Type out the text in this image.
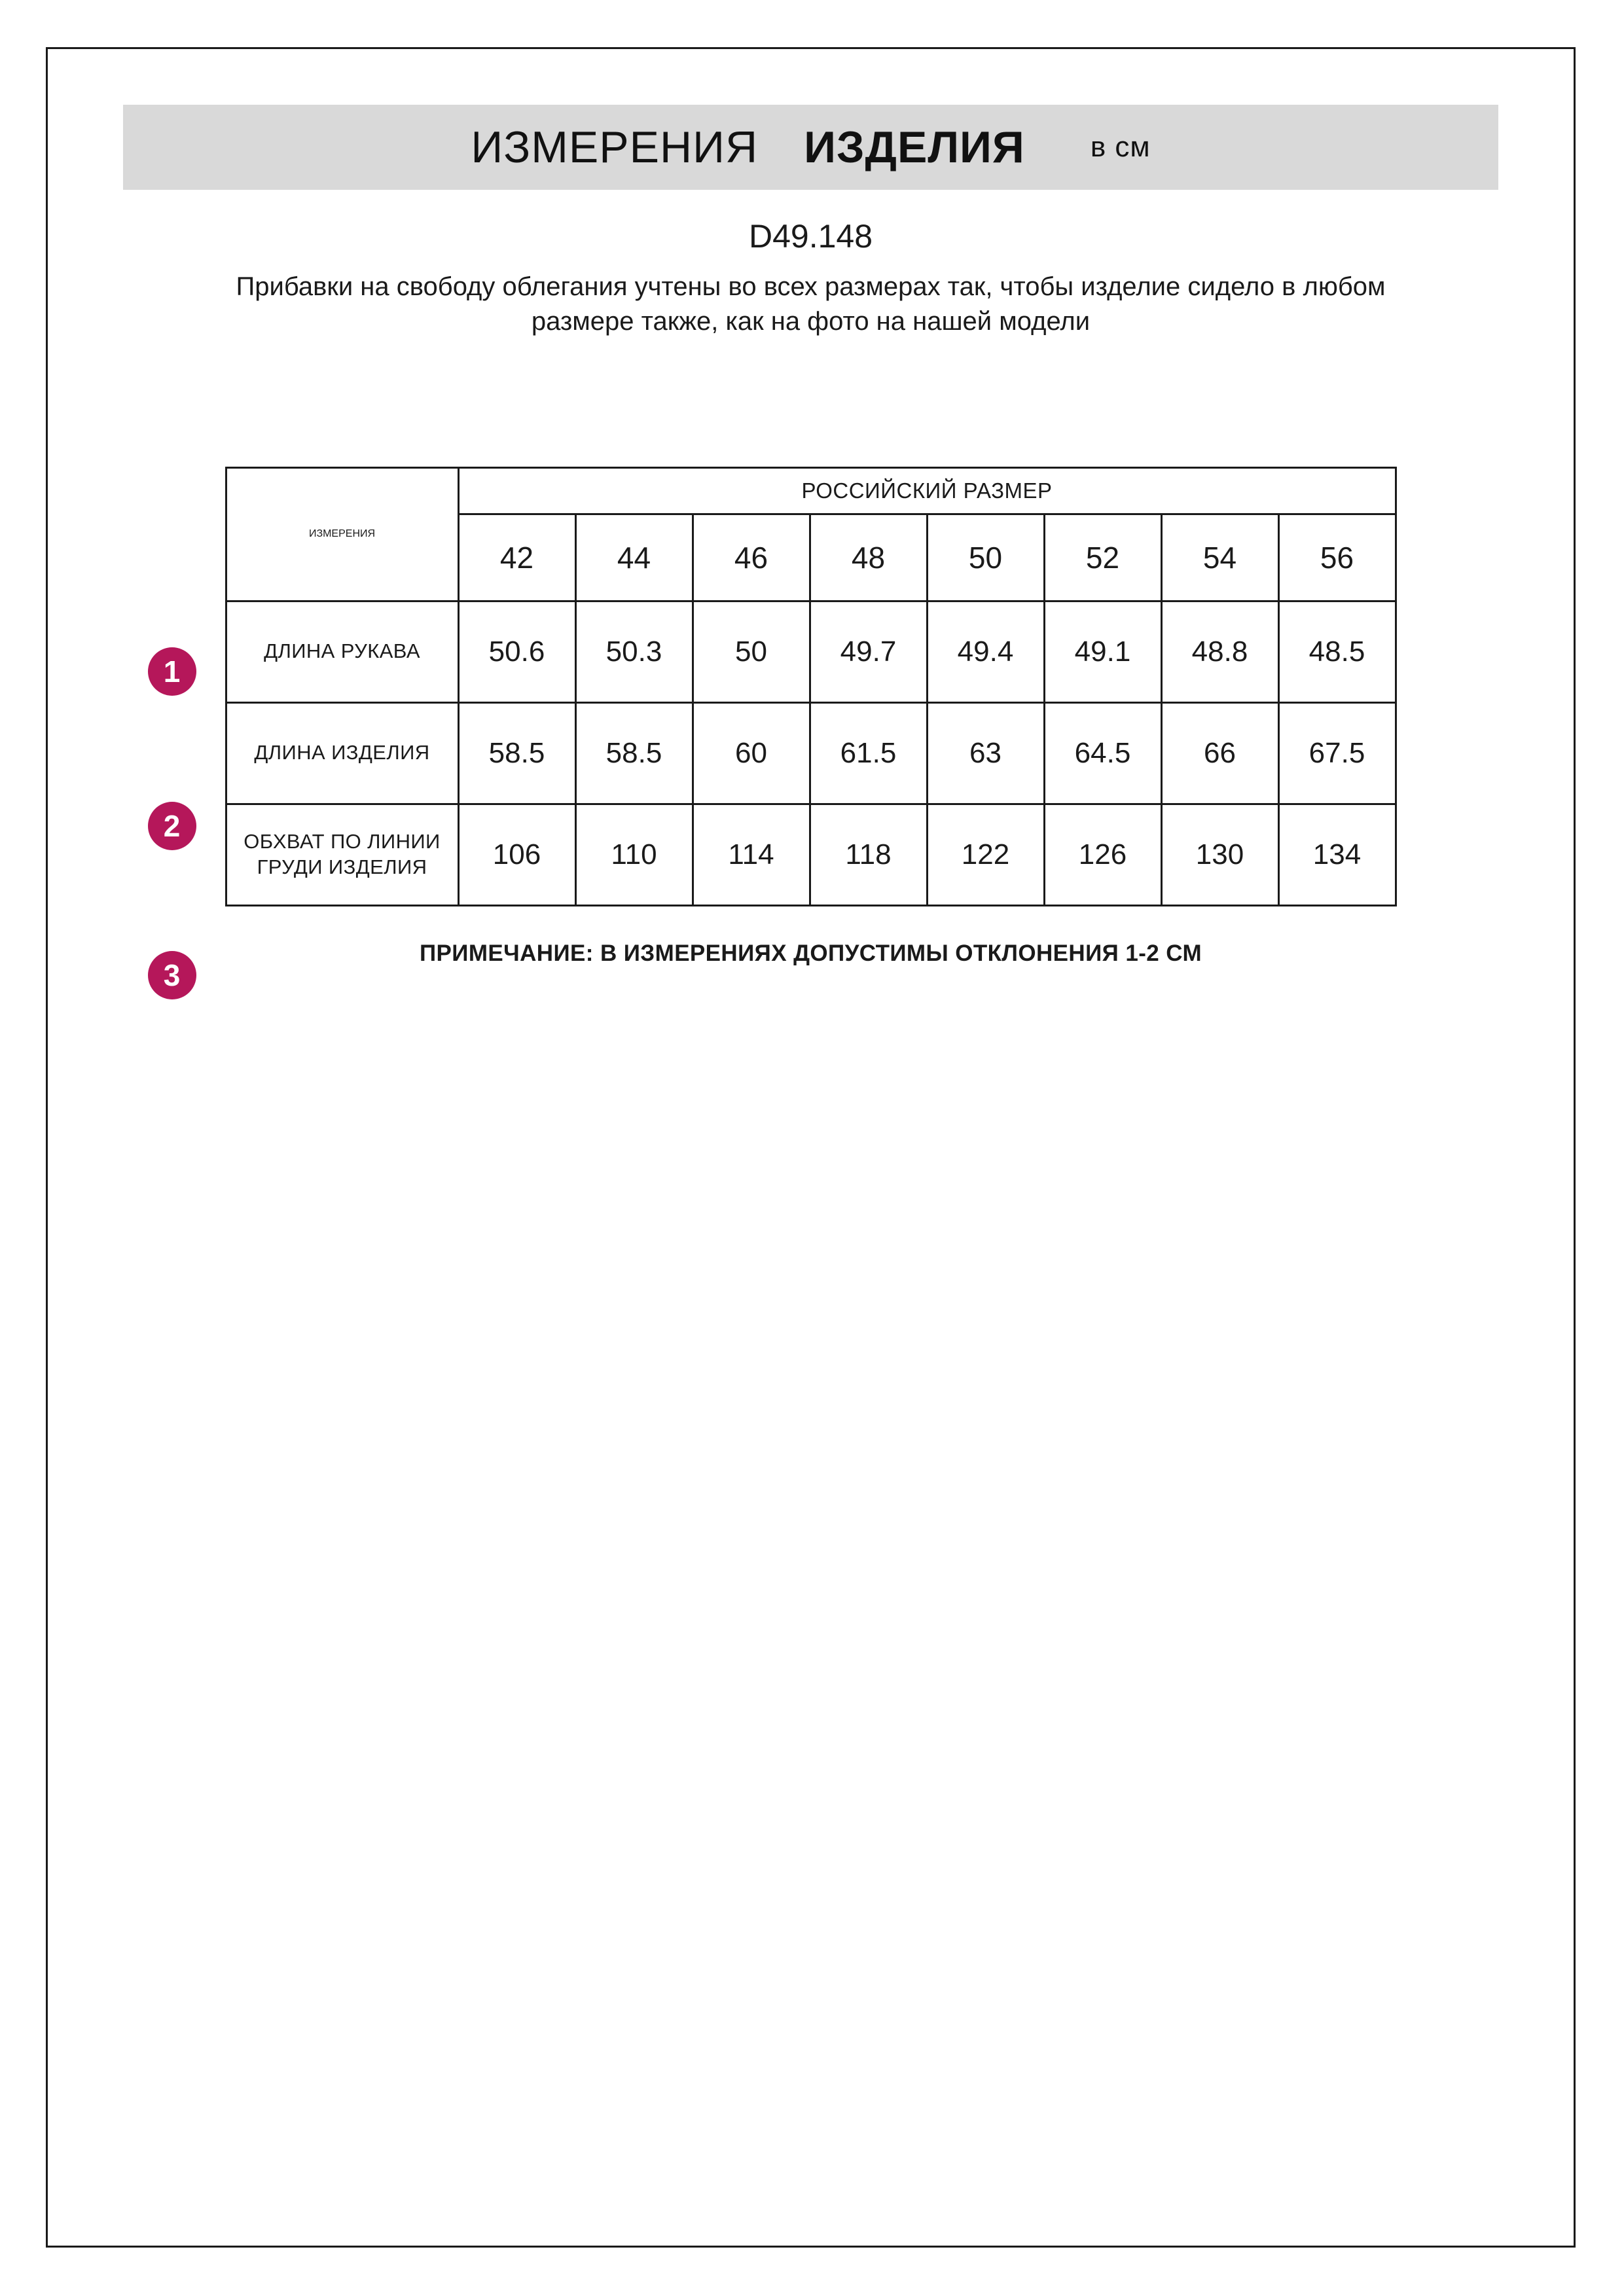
ИЗМЕРЕНИЯ ИЗДЕЛИЯ в см
D49.148
Прибавки на свободу облегания учтены во всех размерах так, чтобы изделие сидело в любом размере также, как на фото на нашей модели
1
2
3
ИЗМЕРЕНИЯ	РОССИЙСКИЙ РАЗМЕР							
	42	44	46	48	50	52	54	56
ДЛИНА РУКАВА	50.6	50.3	50	49.7	49.4	49.1	48.8	48.5
ДЛИНА ИЗДЕЛИЯ	58.5	58.5	60	61.5	63	64.5	66	67.5
ОБХВАТ ПО ЛИНИИ ГРУДИ ИЗДЕЛИЯ	106	110	114	118	122	126	130	134
ПРИМЕЧАНИЕ: В ИЗМЕРЕНИЯХ ДОПУСТИМЫ ОТКЛОНЕНИЯ 1-2 СМ
